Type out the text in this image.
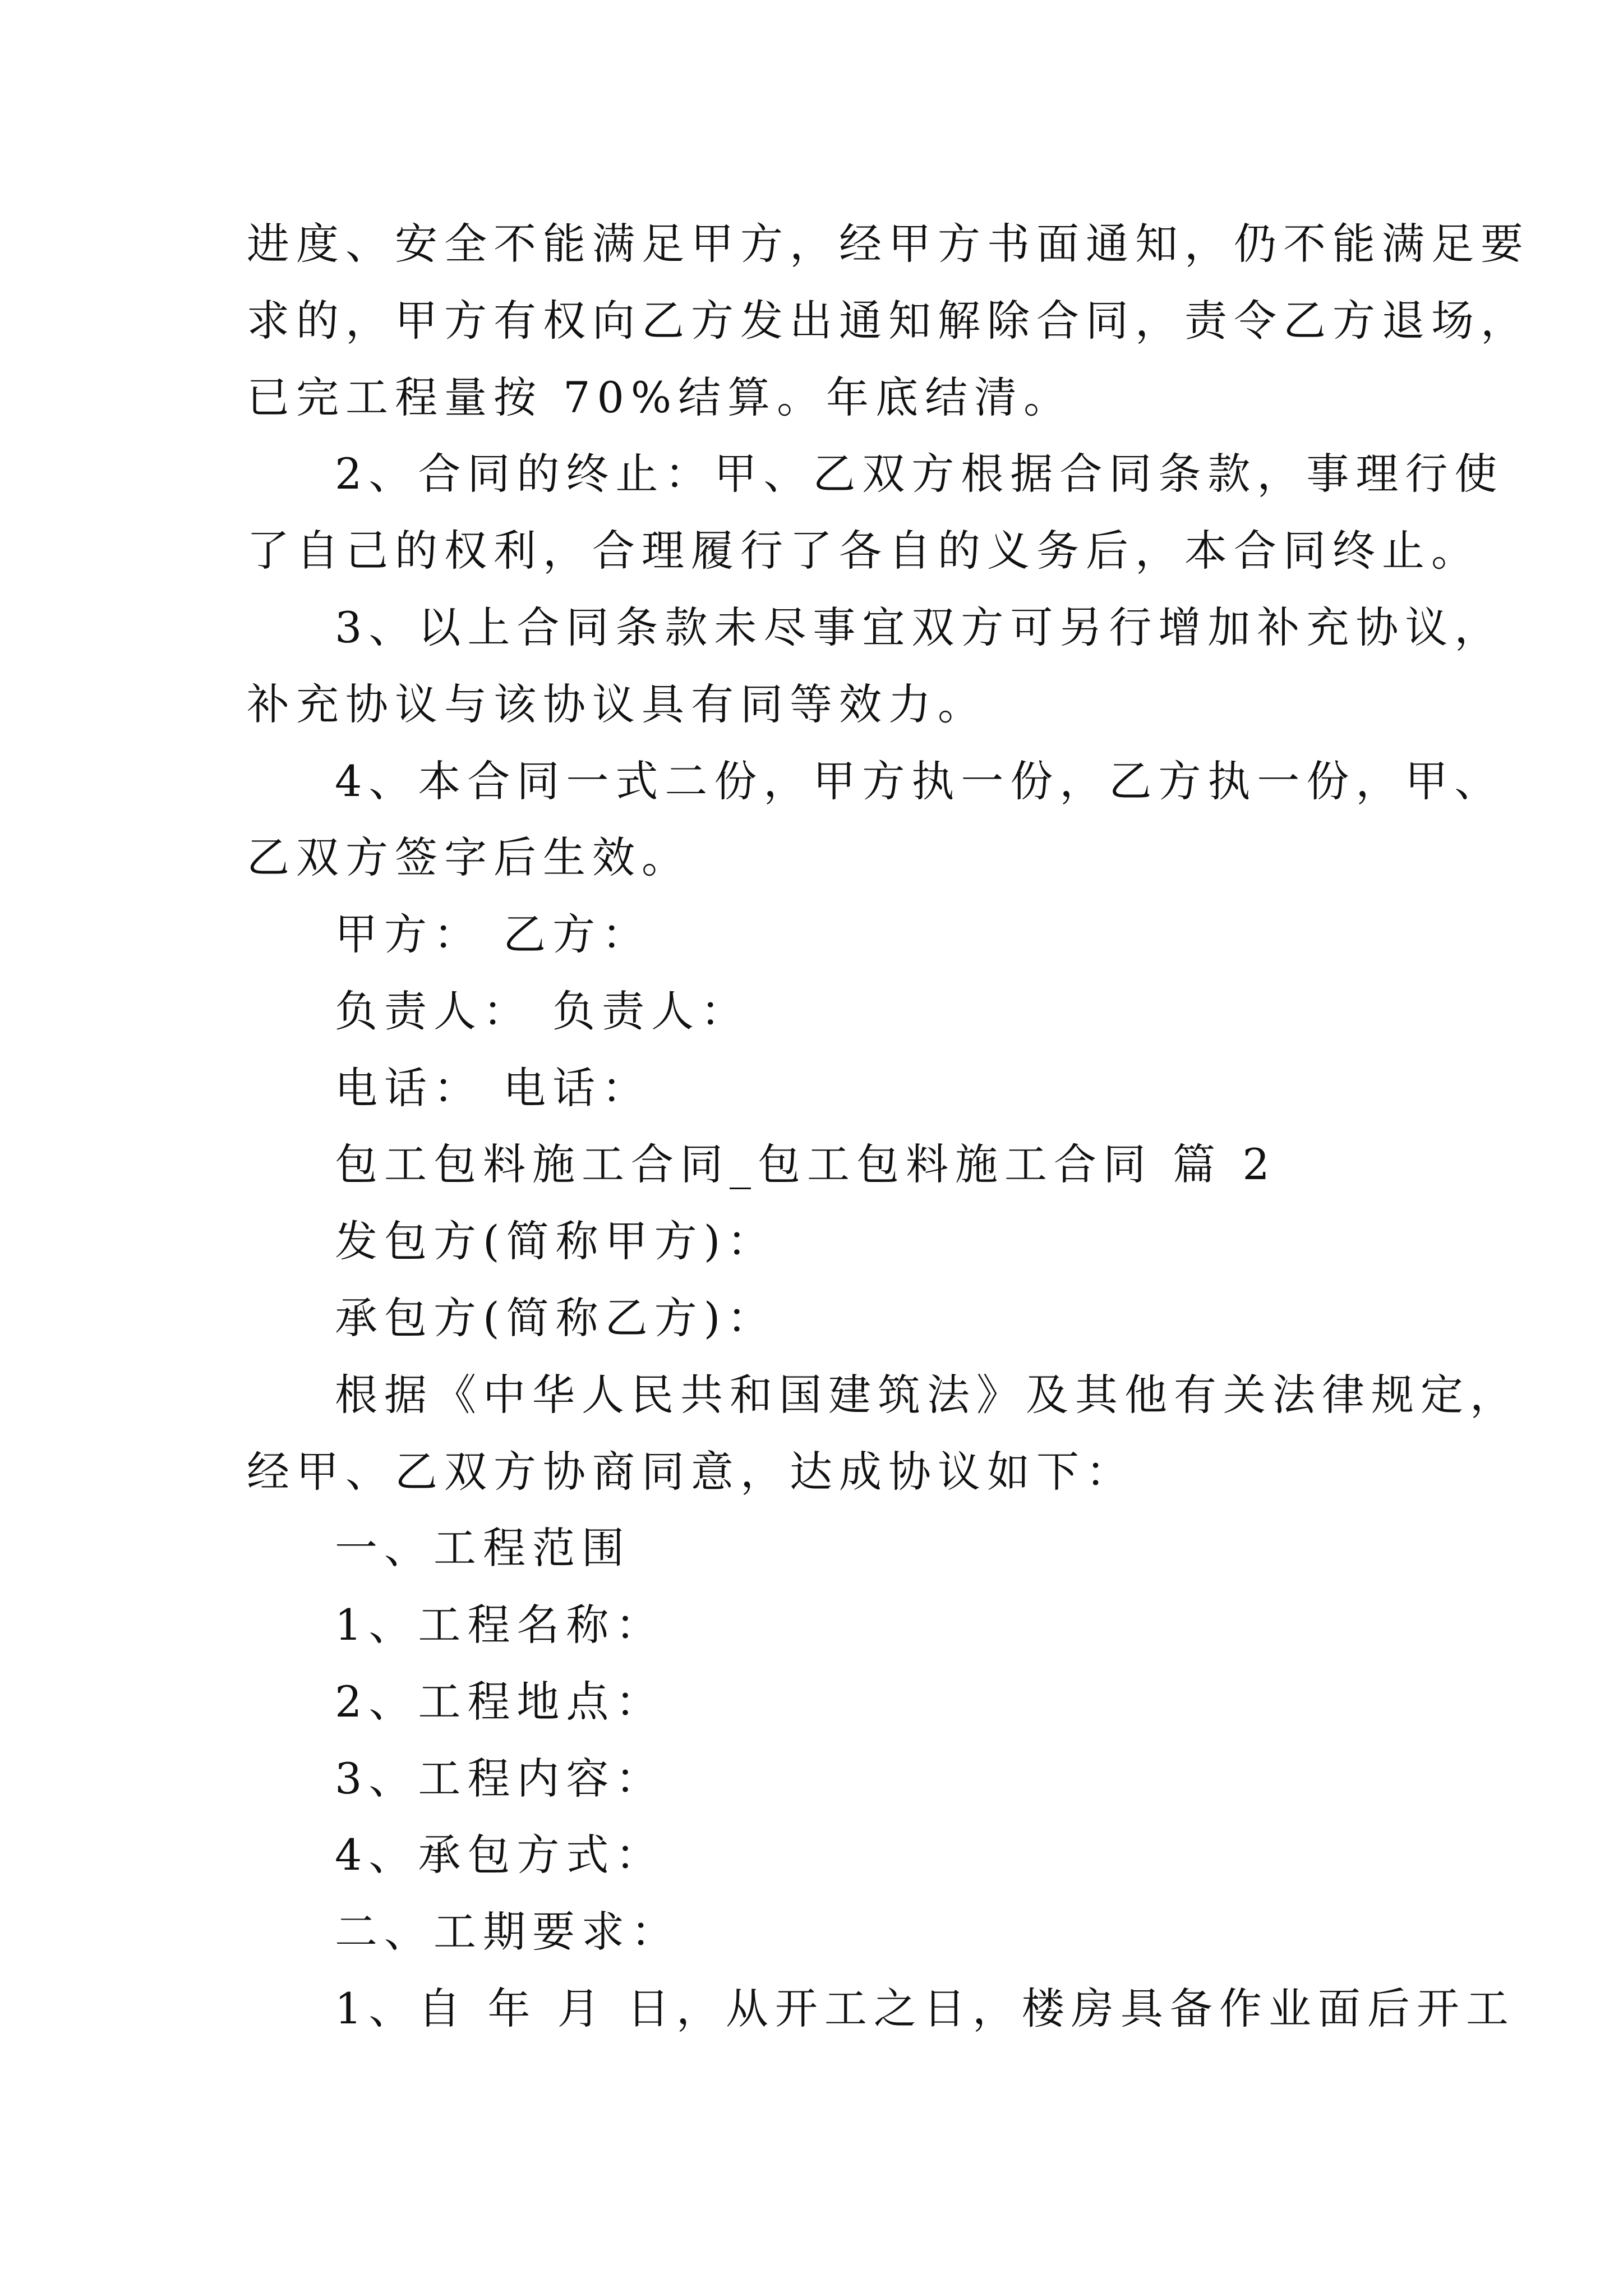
进度、安全不能满足甲方，经甲方书面通知，仍不能满足要
求的，甲方有权向乙方发出通知解除合同，责令乙方退场，
已完工程量按 70%结算。年底结清。
2、合同的终止：甲、乙双方根据合同条款，事理行使
了自己的权利，合理履行了各自的义务后，本合同终止。
3、以上合同条款未尽事宜双方可另行增加补充协议，
补充协议与该协议具有同等效力。
4、本合同一式二份，甲方执一份，乙方执一份，甲、
乙双方签字后生效。
甲方： 乙方：
负责人： 负责人：
电话： 电话：
包工包料施工合同_包工包料施工合同 篇 2
发包方(简称甲方)：
承包方(简称乙方)：
根据《中华人民共和国建筑法》及其他有关法律规定，
经甲、乙双方协商同意，达成协议如下：
一、工程范围
1、工程名称：
2、工程地点：
3、工程内容：
4、承包方式：
二、工期要求：
1、自 年 月 日，从开工之日，楼房具备作业面后开工
